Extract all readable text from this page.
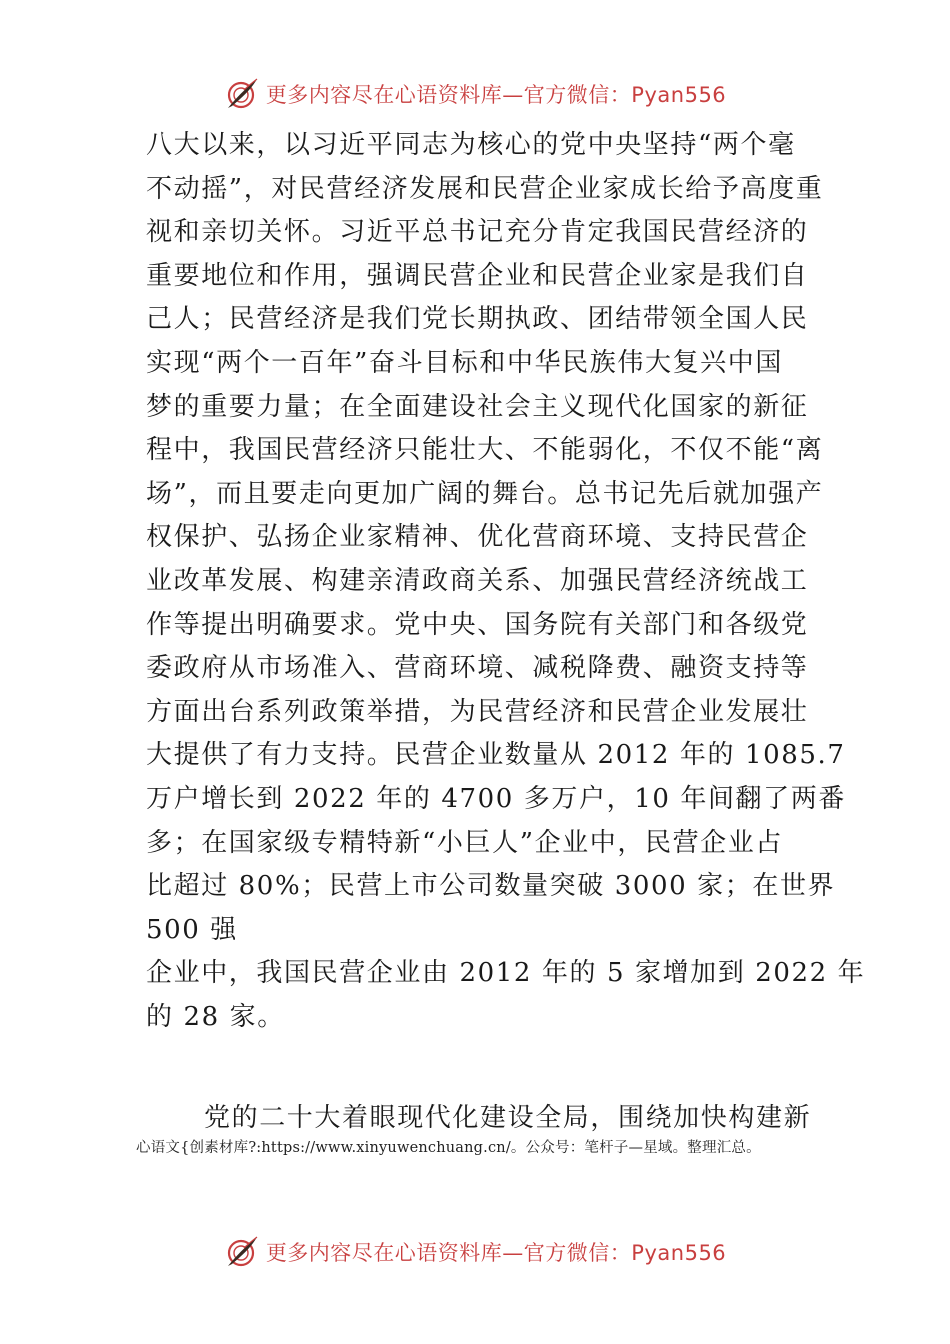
更多内容尽在心语资料库—官方微信：Pyan556
八大以来，以习近平同志为核心的党中央坚持“两个毫
不动摇”，对民营经济发展和民营企业家成长给予高度重
视和亲切关怀。习近平总书记充分肯定我国民营经济的
重要地位和作用，强调民营企业和民营企业家是我们自
己人；民营经济是我们党长期执政、团结带领全国人民
实现“两个一百年”奋斗目标和中华民族伟大复兴中国
梦的重要力量；在全面建设社会主义现代化国家的新征
程中，我国民营经济只能壮大、不能弱化，不仅不能“离
场”，而且要走向更加广阔的舞台。总书记先后就加强产
权保护、弘扬企业家精神、优化营商环境、支持民营企
业改革发展、构建亲清政商关系、加强民营经济统战工
作等提出明确要求。党中央、国务院有关部门和各级党
委政府从市场准入、营商环境、减税降费、融资支持等
方面出台系列政策举措，为民营经济和民营企业发展壮
大提供了有力支持。民营企业数量从 2012 年的 1085.7
万户增长到 2022 年的 4700 多万户，10 年间翻了两番
多；在国家级专精特新“小巨人”企业中，民营企业占
比超过 80%；民营上市公司数量突破 3000 家；在世界
500 强
企业中，我国民营企业由 2012 年的 5 家增加到 2022 年
的 28 家。
党的二十大着眼现代化建设全局，围绕加快构建新
心语文{创素材库?:https://www.xinyuwenchuang.cn/。公众号：笔杆子—星域。整理汇总。
更多内容尽在心语资料库—官方微信：Pyan556
